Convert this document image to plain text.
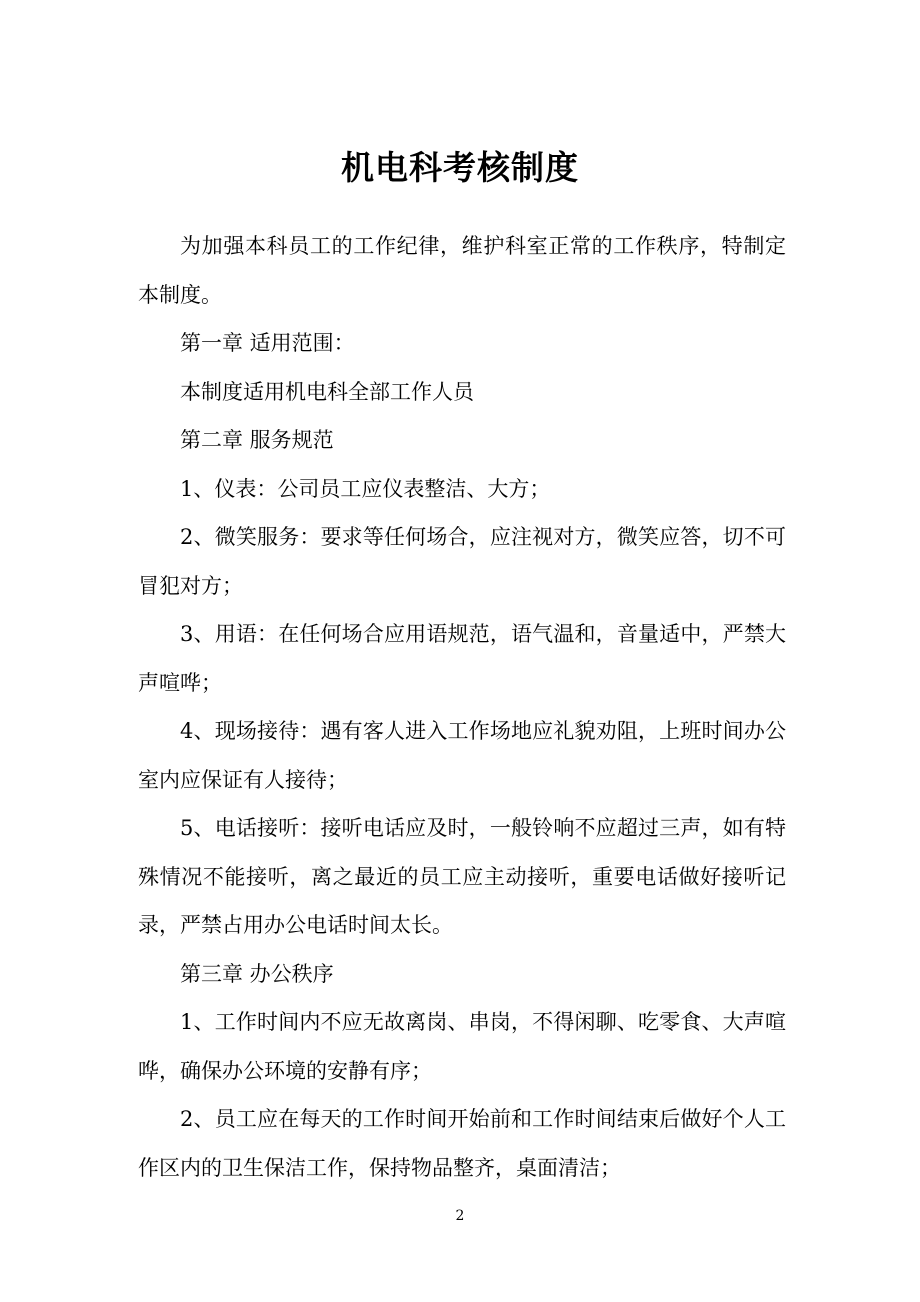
机电科考核制度

为加强本科员工的工作纪律，维护科室正常的工作秩序，特制定本制度。

第一章 适用范围：

本制度适用机电科全部工作人员

第二章 服务规范

1、仪表：公司员工应仪表整洁、大方；

2、微笑服务：要求等任何场合，应注视对方，微笑应答，切不可冒犯对方；

3、用语：在任何场合应用语规范，语气温和，音量适中，严禁大声喧哗；

4、现场接待：遇有客人进入工作场地应礼貌劝阻，上班时间办公室内应保证有人接待；

5、电话接听：接听电话应及时，一般铃响不应超过三声，如有特殊情况不能接听，离之最近的员工应主动接听，重要电话做好接听记录，严禁占用办公电话时间太长。

第三章 办公秩序

1、工作时间内不应无故离岗、串岗，不得闲聊、吃零食、大声喧哗，确保办公环境的安静有序；

2、员工应在每天的工作时间开始前和工作时间结束后做好个人工作区内的卫生保洁工作，保持物品整齐，桌面清洁；

2
